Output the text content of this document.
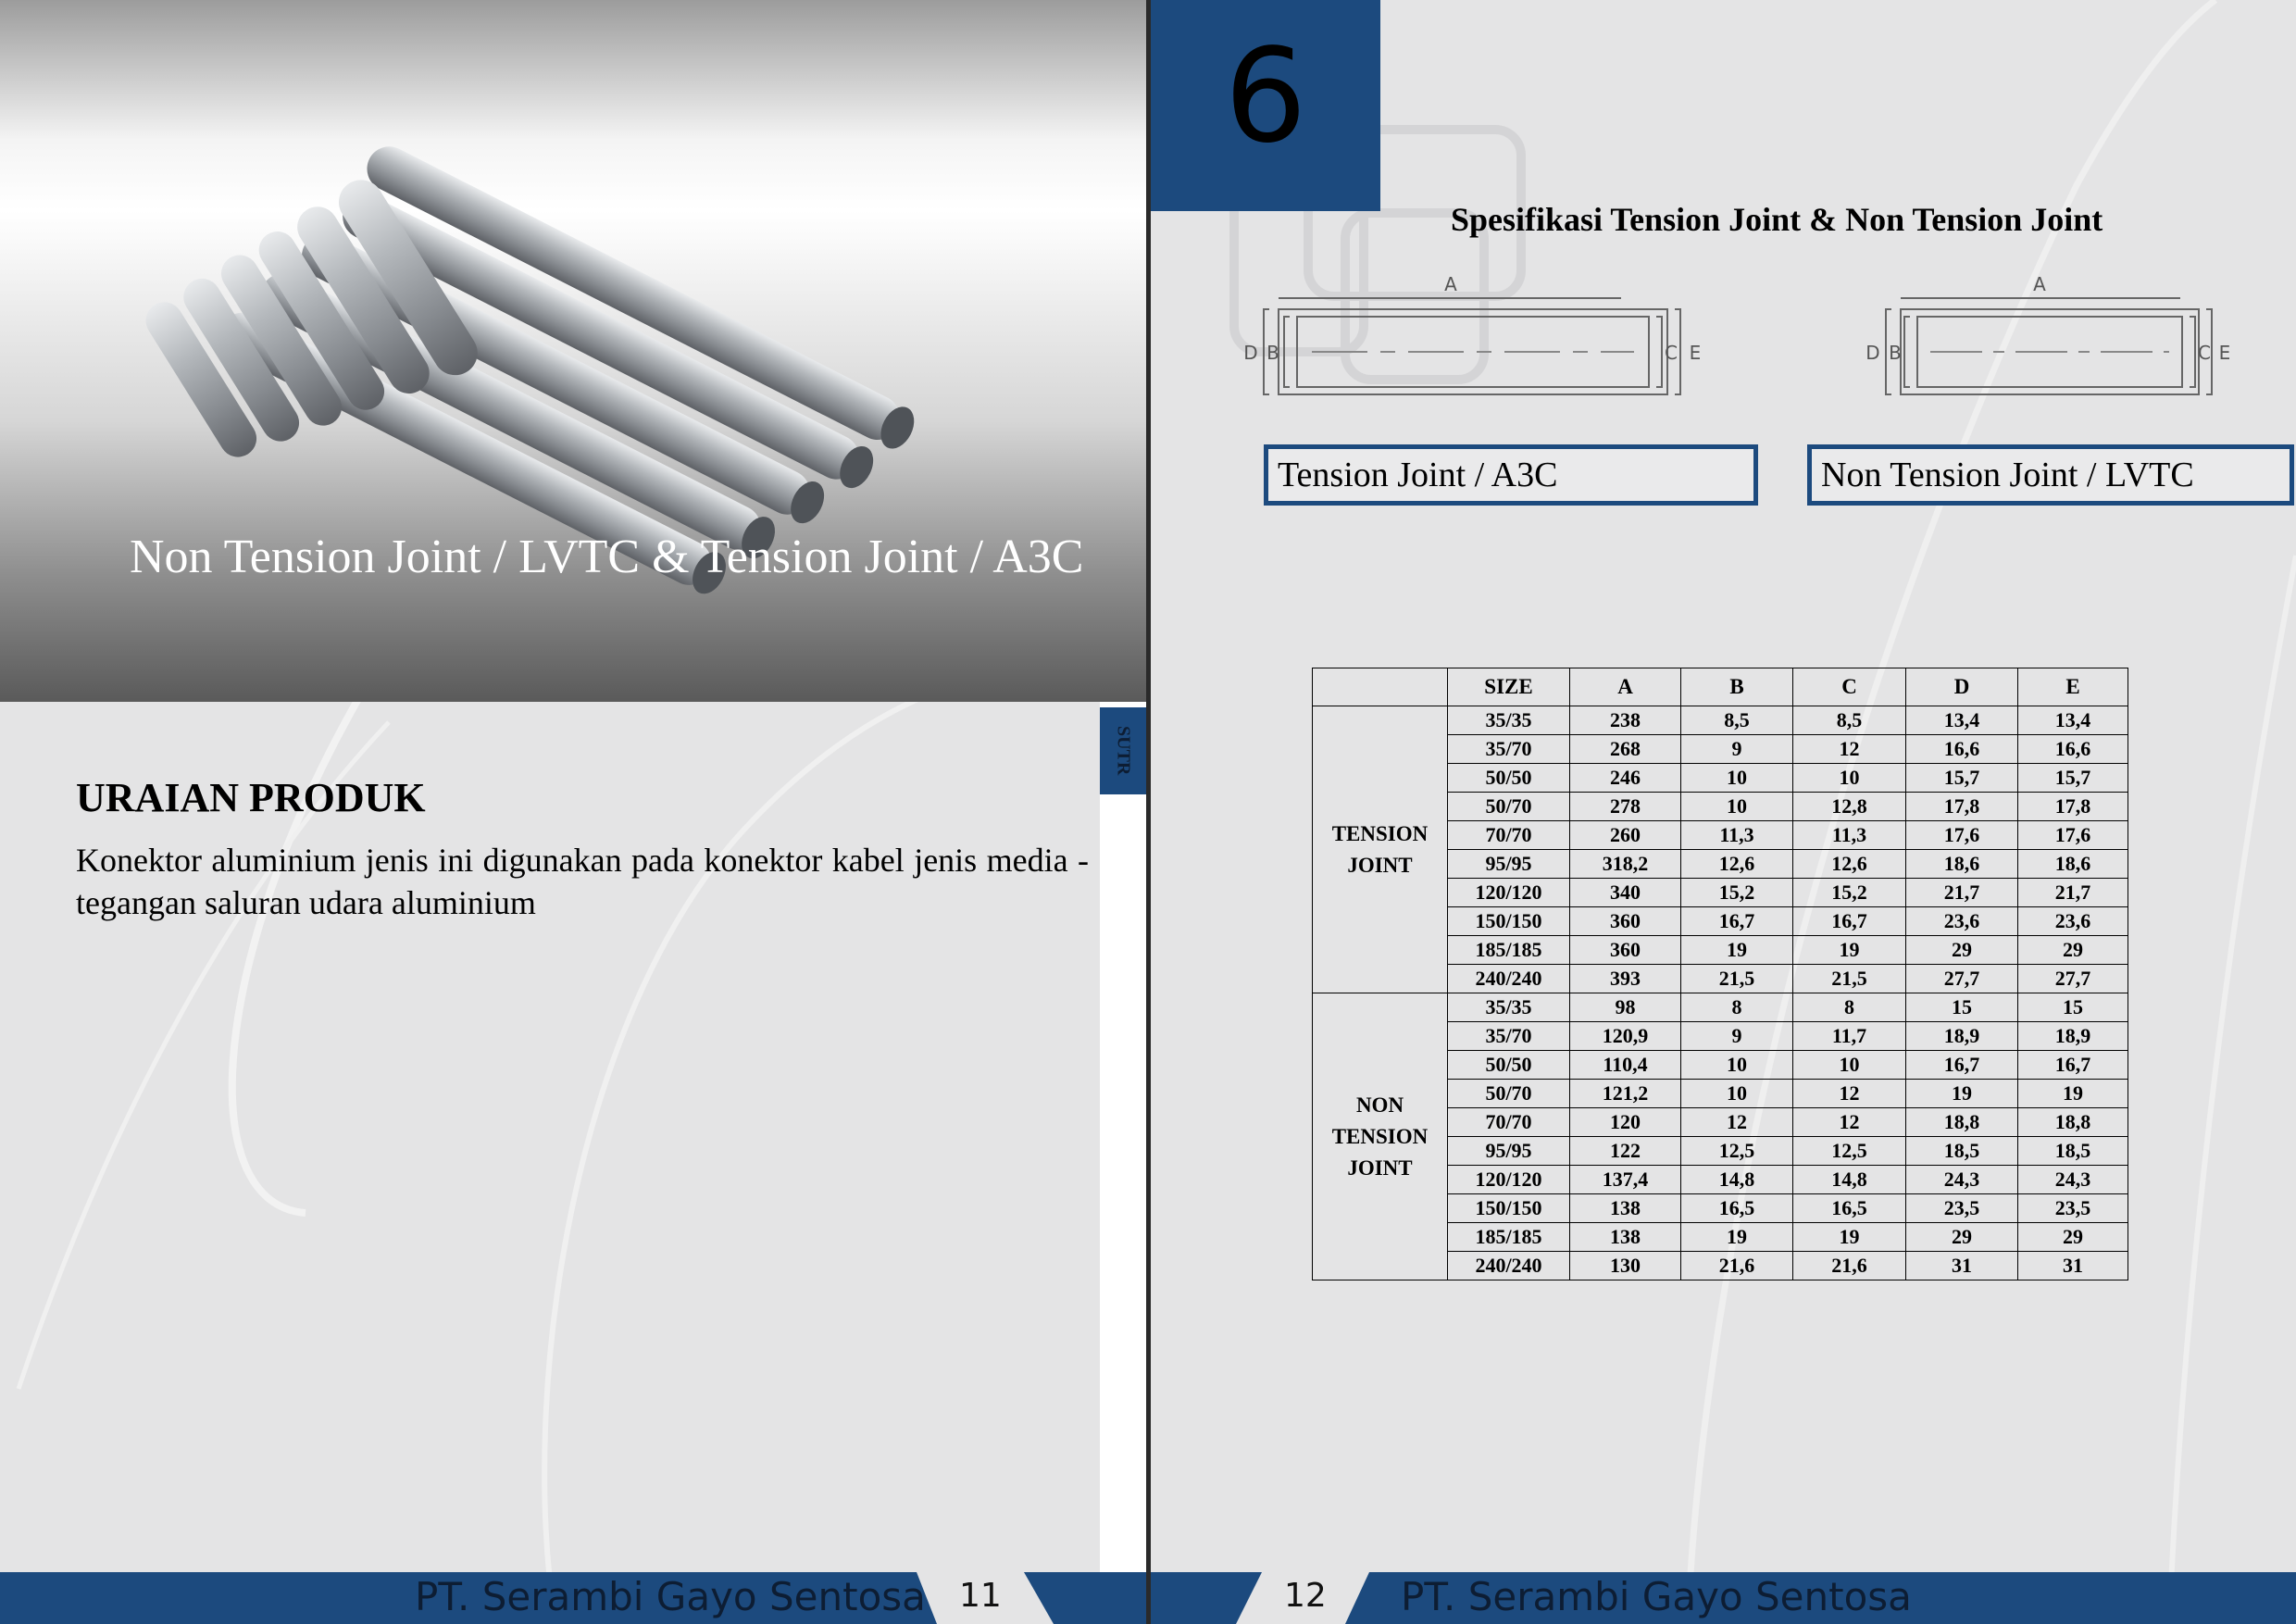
Non Tension Joint / LVTC & Tension Joint / A3C
SUTR
URAIAN PRODUK
Konektor aluminium jenis ini digunakan pada konektor kabel jenis media - tegangan saluran udara aluminium
PT. Serambi Gayo Sentosa 11
6
Spesifikasi Tension Joint & Non Tension Joint
A
D B	C E
A
D B	C E
Tension Joint / A3C	Non Tension Joint / LVTC
	SIZE	A	B	C	D	E

TENSION
JOINT	35/35	238	8,5	8,5	13,4	13,4
	35/70	268	9	12	16,6	16,6
	50/50	246	10	10	15,7	15,7
	50/70	278	10	12,8	17,8	17,8
	70/70	260	11,3	11,3	17,6	17,6
	95/95	318,2	12,6	12,6	18,6	18,6
	120/120	340	15,2	15,2	21,7	21,7
	150/150	360	16,7	16,7	23,6	23,6
	185/185	360	19	19	29	29
	240/240	393	21,5	21,5	27,7	27,7

NON
TENSION
JOINT	35/35	98	8	8	15	15
	35/70	120,9	9	11,7	18,9	18,9
	50/50	110,4	10	10	16,7	16,7
	50/70	121,2	10	12	19	19
	70/70	120	12	12	18,8	18,8
	95/95	122	12,5	12,5	18,5	18,5
	120/120	137,4	14,8	14,8	24,3	24,3
	150/150	138	16,5	16,5	23,5	23,5
	185/185	138	19	19	29	29
	240/240	130	21,6	21,6	31	31
12 PT. Serambi Gayo Sentosa
